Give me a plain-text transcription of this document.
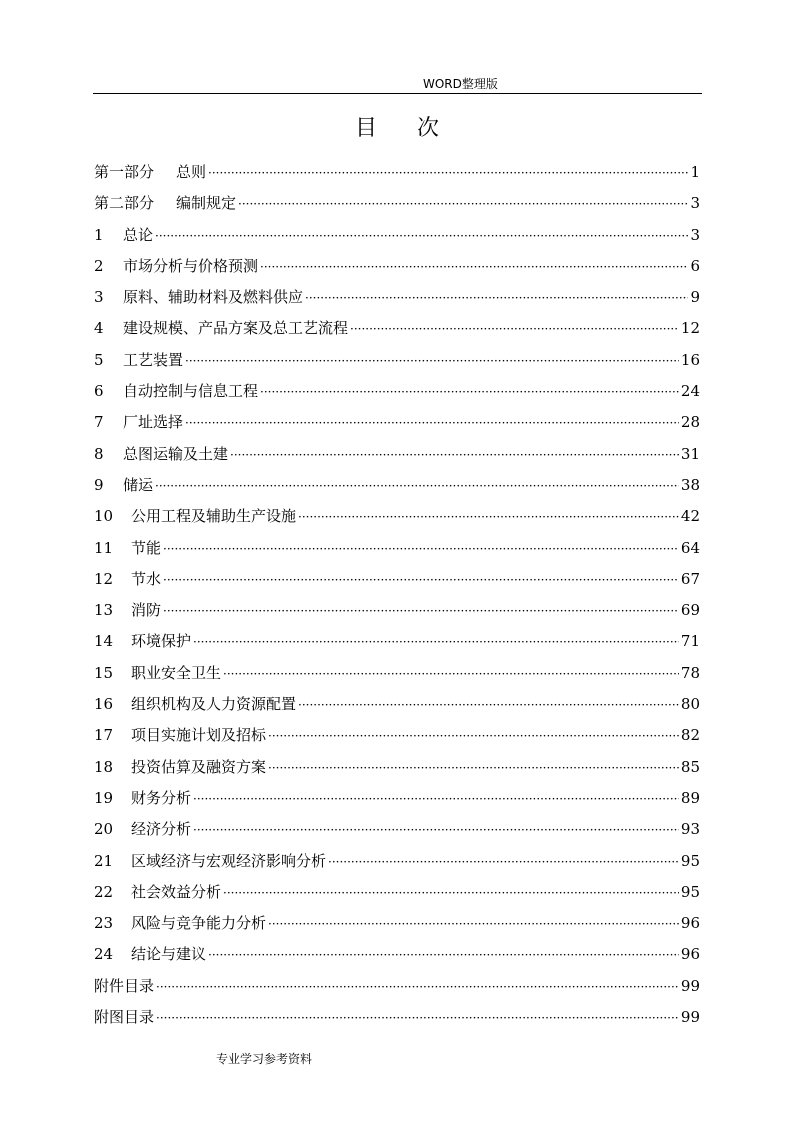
WORD整理版
目次
第一部分 总则 ·····	1
第二部分 编制规定 ·····	3
1	总论 ·····	3
2	市场分析与价格预测 ·····	6
3	原料、辅助材料及燃料供应 ·····	9
4	建设规模、产品方案及总工艺流程 ·····	12
5	工艺装置 ·····	16
6	自动控制与信息工程 ·····	24
7	厂址选择 ·····	28
8	总图运输及土建 ·····	31
9	储运 ·····	38
10	公用工程及辅助生产设施 ·····	42
11	节能 ·····	64
12	节水 ·····	67
13	消防 ·····	69
14	环境保护 ·····	71
15	职业安全卫生 ·····	78
16	组织机构及人力资源配置 ·····	80
17	项目实施计划及招标 ·····	82
18	投资估算及融资方案 ·····	85
19	财务分析 ·····	89
20	经济分析 ·····	93
21	区域经济与宏观经济影响分析 ·····	95
22	社会效益分析 ·····	95
23	风险与竞争能力分析 ·····	96
24	结论与建议 ·····	96
附件目录 ·····	99
附图目录 ·····	99
专业学习参考资料
